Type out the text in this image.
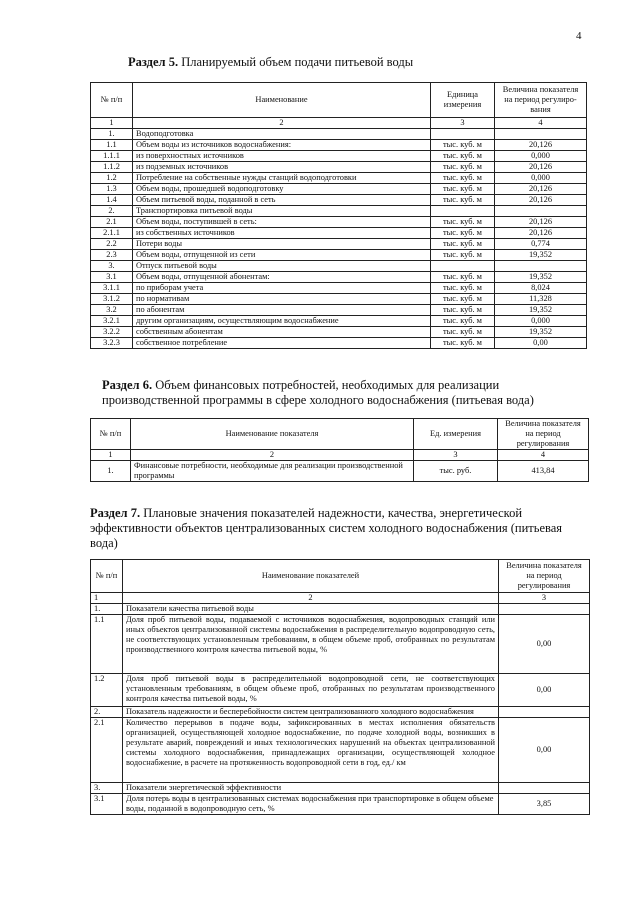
4
Раздел 5. Планируемый объем подачи питьевой воды
№ п/п	Наименование	Единица измерения	Величина показателя на период регулиро-вания
1	2	3	4
1.	Водоподготовка		
1.1	Объем воды из источников водоснабжения:	тыс. куб. м	20,126
1.1.1	из поверхностных источников	тыс. куб. м	0,000
1.1.2	из подземных источников	тыс. куб. м	20,126
1.2	Потребление на собственные нужды станций водоподготовки	тыс. куб. м	0,000
1.3	Объем воды, прошедшей водоподготовку	тыс. куб. м	20,126
1.4	Объем питьевой воды, поданной в сеть	тыс. куб. м	20,126
2.	Транспортировка питьевой воды		
2.1	Объем воды, поступившей в сеть:	тыс. куб. м	20,126
2.1.1	из собственных источников	тыс. куб. м	20,126
2.2	Потери воды	тыс. куб. м	0,774
2.3	Объем воды, отпущенной из сети	тыс. куб. м	19,352
3.	Отпуск питьевой воды		
3.1	Объем воды, отпущенной абонентам:	тыс. куб. м	19,352
3.1.1	по приборам учета	тыс. куб. м	8,024
3.1.2	по нормативам	тыс. куб. м	11,328
3.2	по абонентам	тыс. куб. м	19,352
3.2.1	другим организациям, осуществляющим водоснабжение	тыс. куб. м	0,000
3.2.2	собственным абонентам	тыс. куб. м	19,352
3.2.3	собственное потребление	тыс. куб. м	0,00
Раздел 6. Объем финансовых потребностей, необходимых для реализации производственной программы в сфере холодного водоснабжения (питьевая вода)
№ п/п	Наименование показателя	Ед. измерения	Величина показателя на период регулирования
1	2	3	4
1.	Финансовые потребности, необходимые для реализации производственной программы	тыс. руб.	413,84
Раздел 7. Плановые значения показателей надежности, качества, энергетической эффективности объектов централизованных систем холодного водоснабжения (питьевая вода)
№ п/п	Наименование показателей	Величина показателя на период регулирования
1	2	3
1.	Показатели качества питьевой воды	
1.1	Доля проб питьевой воды, подаваемой с источников водоснабжения, водопроводных станций или иных объектов централизованной системы водоснабжения в распределительную водопроводную сеть, не соответствующих установленным требованиям, в общем объеме проб, отобранных по результатам производственного контроля качества питьевой воды, %	0,00
1.2	Доля проб питьевой воды в распределительной водопроводной сети, не соответствующих установленным требованиям, в общем объеме проб, отобранных по результатам производственного контроля качества питьевой воды, %	0,00
2.	Показатель надежности и бесперебойности систем централизованного холодного водоснабжения	
2.1	Количество перерывов в подаче воды, зафиксированных в местах исполнения обязательств организацией, осуществляющей холодное водоснабжение, по подаче холодной воды, возникших в результате аварий, повреждений и иных технологических нарушений на объектах централизованной системы холодного водоснабжения, принадлежащих организации, осуществляющей холодное водоснабжение, в расчете на протяженность водопроводной сети в год, ед./ км	0,00
3.	Показатели энергетической эффективности	
3.1	Доля потерь воды в централизованных системах водоснабжения при транспортировке в общем объеме воды, поданной в водопроводную сеть, %	3,85
